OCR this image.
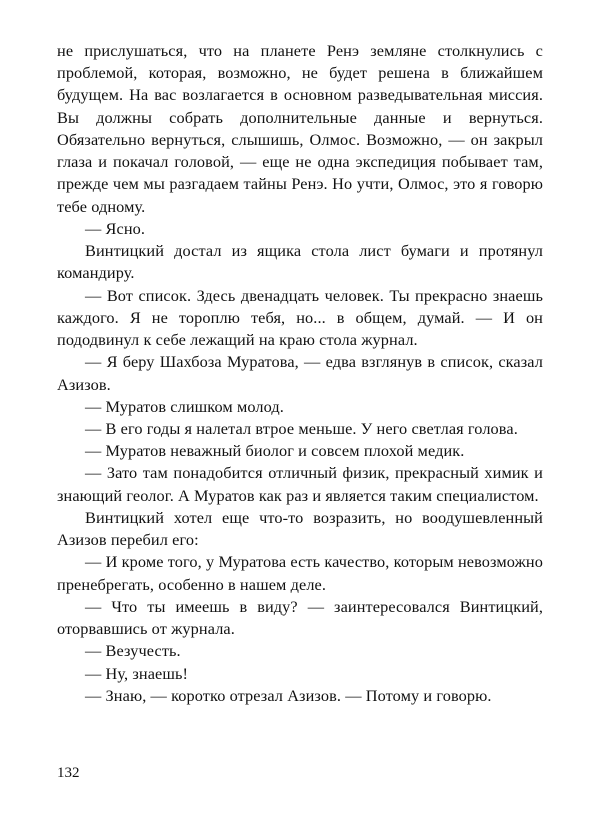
не прислушаться, что на планете Ренэ земляне столкнулись с проблемой, которая, возможно, не будет решена в ближайшем будущем. На вас возлагается в основном разведывательная миссия. Вы должны собрать дополнительные данные и вернуться. Обязательно вернуться, слышишь, Олмос. Возможно, — он закрыл глаза и покачал головой, — еще не одна экспедиция побывает там, прежде чем мы разгадаем тайны Ренэ. Но учти, Олмос, это я говорю тебе одному.

— Ясно.

Винтицкий достал из ящика стола лист бумаги и протянул командиру.

— Вот список. Здесь двенадцать человек. Ты прекрасно знаешь каждого. Я не тороплю тебя, но... в общем, думай. — И он пододвинул к себе лежащий на краю стола журнал.

— Я беру Шахбоза Муратова, — едва взглянув в список, сказал Азизов.

— Муратов слишком молод.

— В его годы я налетал втрое меньше. У него светлая голова.

— Муратов неважный биолог и совсем плохой медик.

— Зато там понадобится отличный физик, прекрасный химик и знающий геолог. А Муратов как раз и является таким специалистом.

Винтицкий хотел еще что-то возразить, но воодушевленный Азизов перебил его:

— И кроме того, у Муратова есть качество, которым невозможно пренебрегать, особенно в нашем деле.

— Что ты имеешь в виду? — заинтересовался Винтицкий, оторвавшись от журнала.

— Везучесть.

— Ну, знаешь!

— Знаю, — коротко отрезал Азизов. — Потому и говорю.

132
